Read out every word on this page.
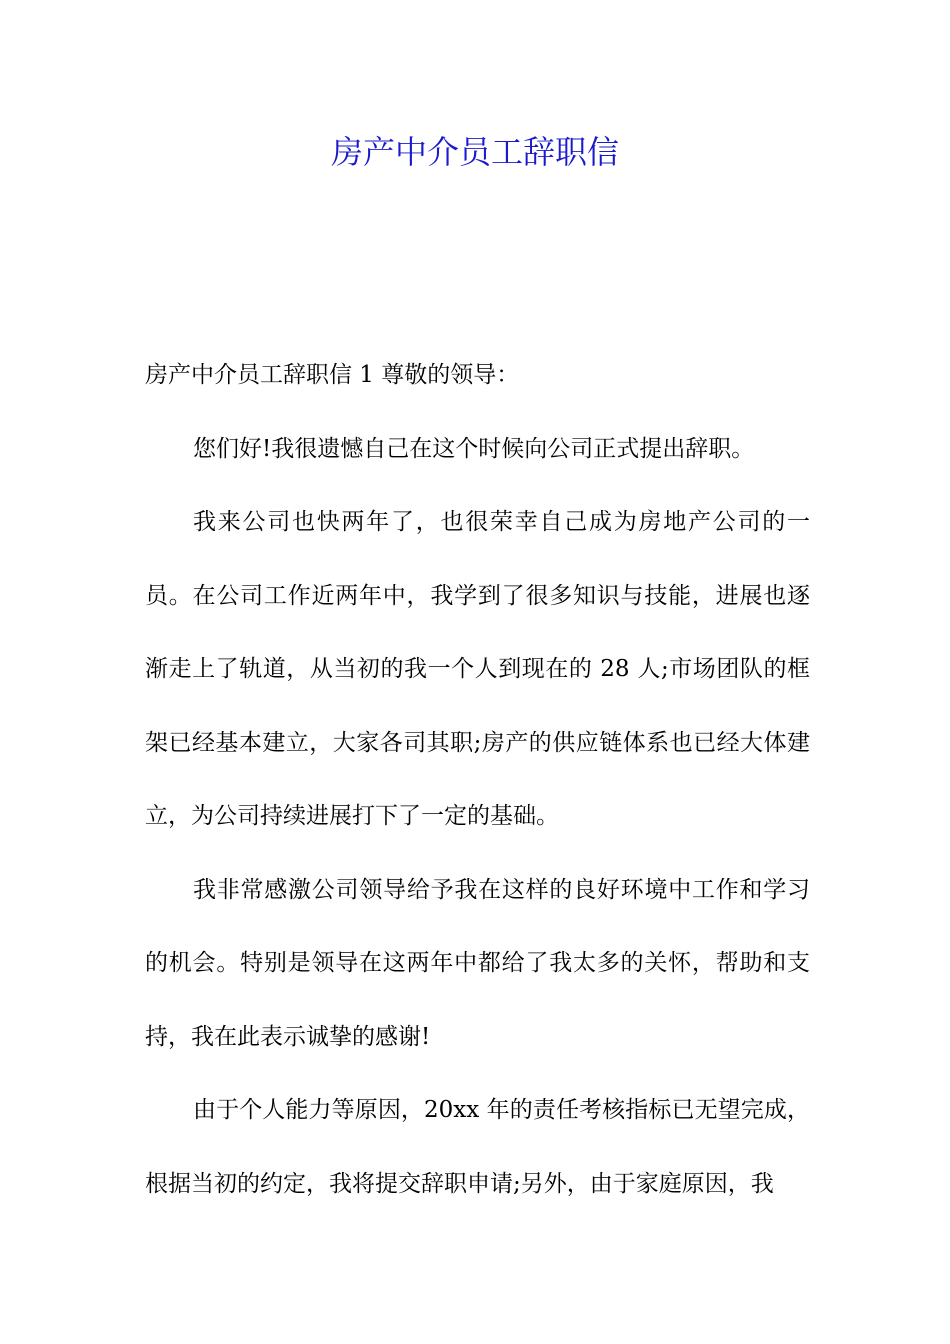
房产中介员工辞职信

房产中介员工辞职信 1 尊敬的领导：

您们好!我很遗憾自己在这个时候向公司正式提出辞职。

我来公司也快两年了，也很荣幸自己成为房地产公司的一员。在公司工作近两年中，我学到了很多知识与技能，进展也逐渐走上了轨道，从当初的我一个人到现在的 28 人;市场团队的框架已经基本建立，大家各司其职;房产的供应链体系也已经大体建立，为公司持续进展打下了一定的基础。

我非常感激公司领导给予我在这样的良好环境中工作和学习的机会。特别是领导在这两年中都给了我太多的关怀，帮助和支持，我在此表示诚挚的感谢!

由于个人能力等原因，20xx 年的责任考核指标已无望完成，根据当初的约定，我将提交辞职申请;另外，由于家庭原因，我
